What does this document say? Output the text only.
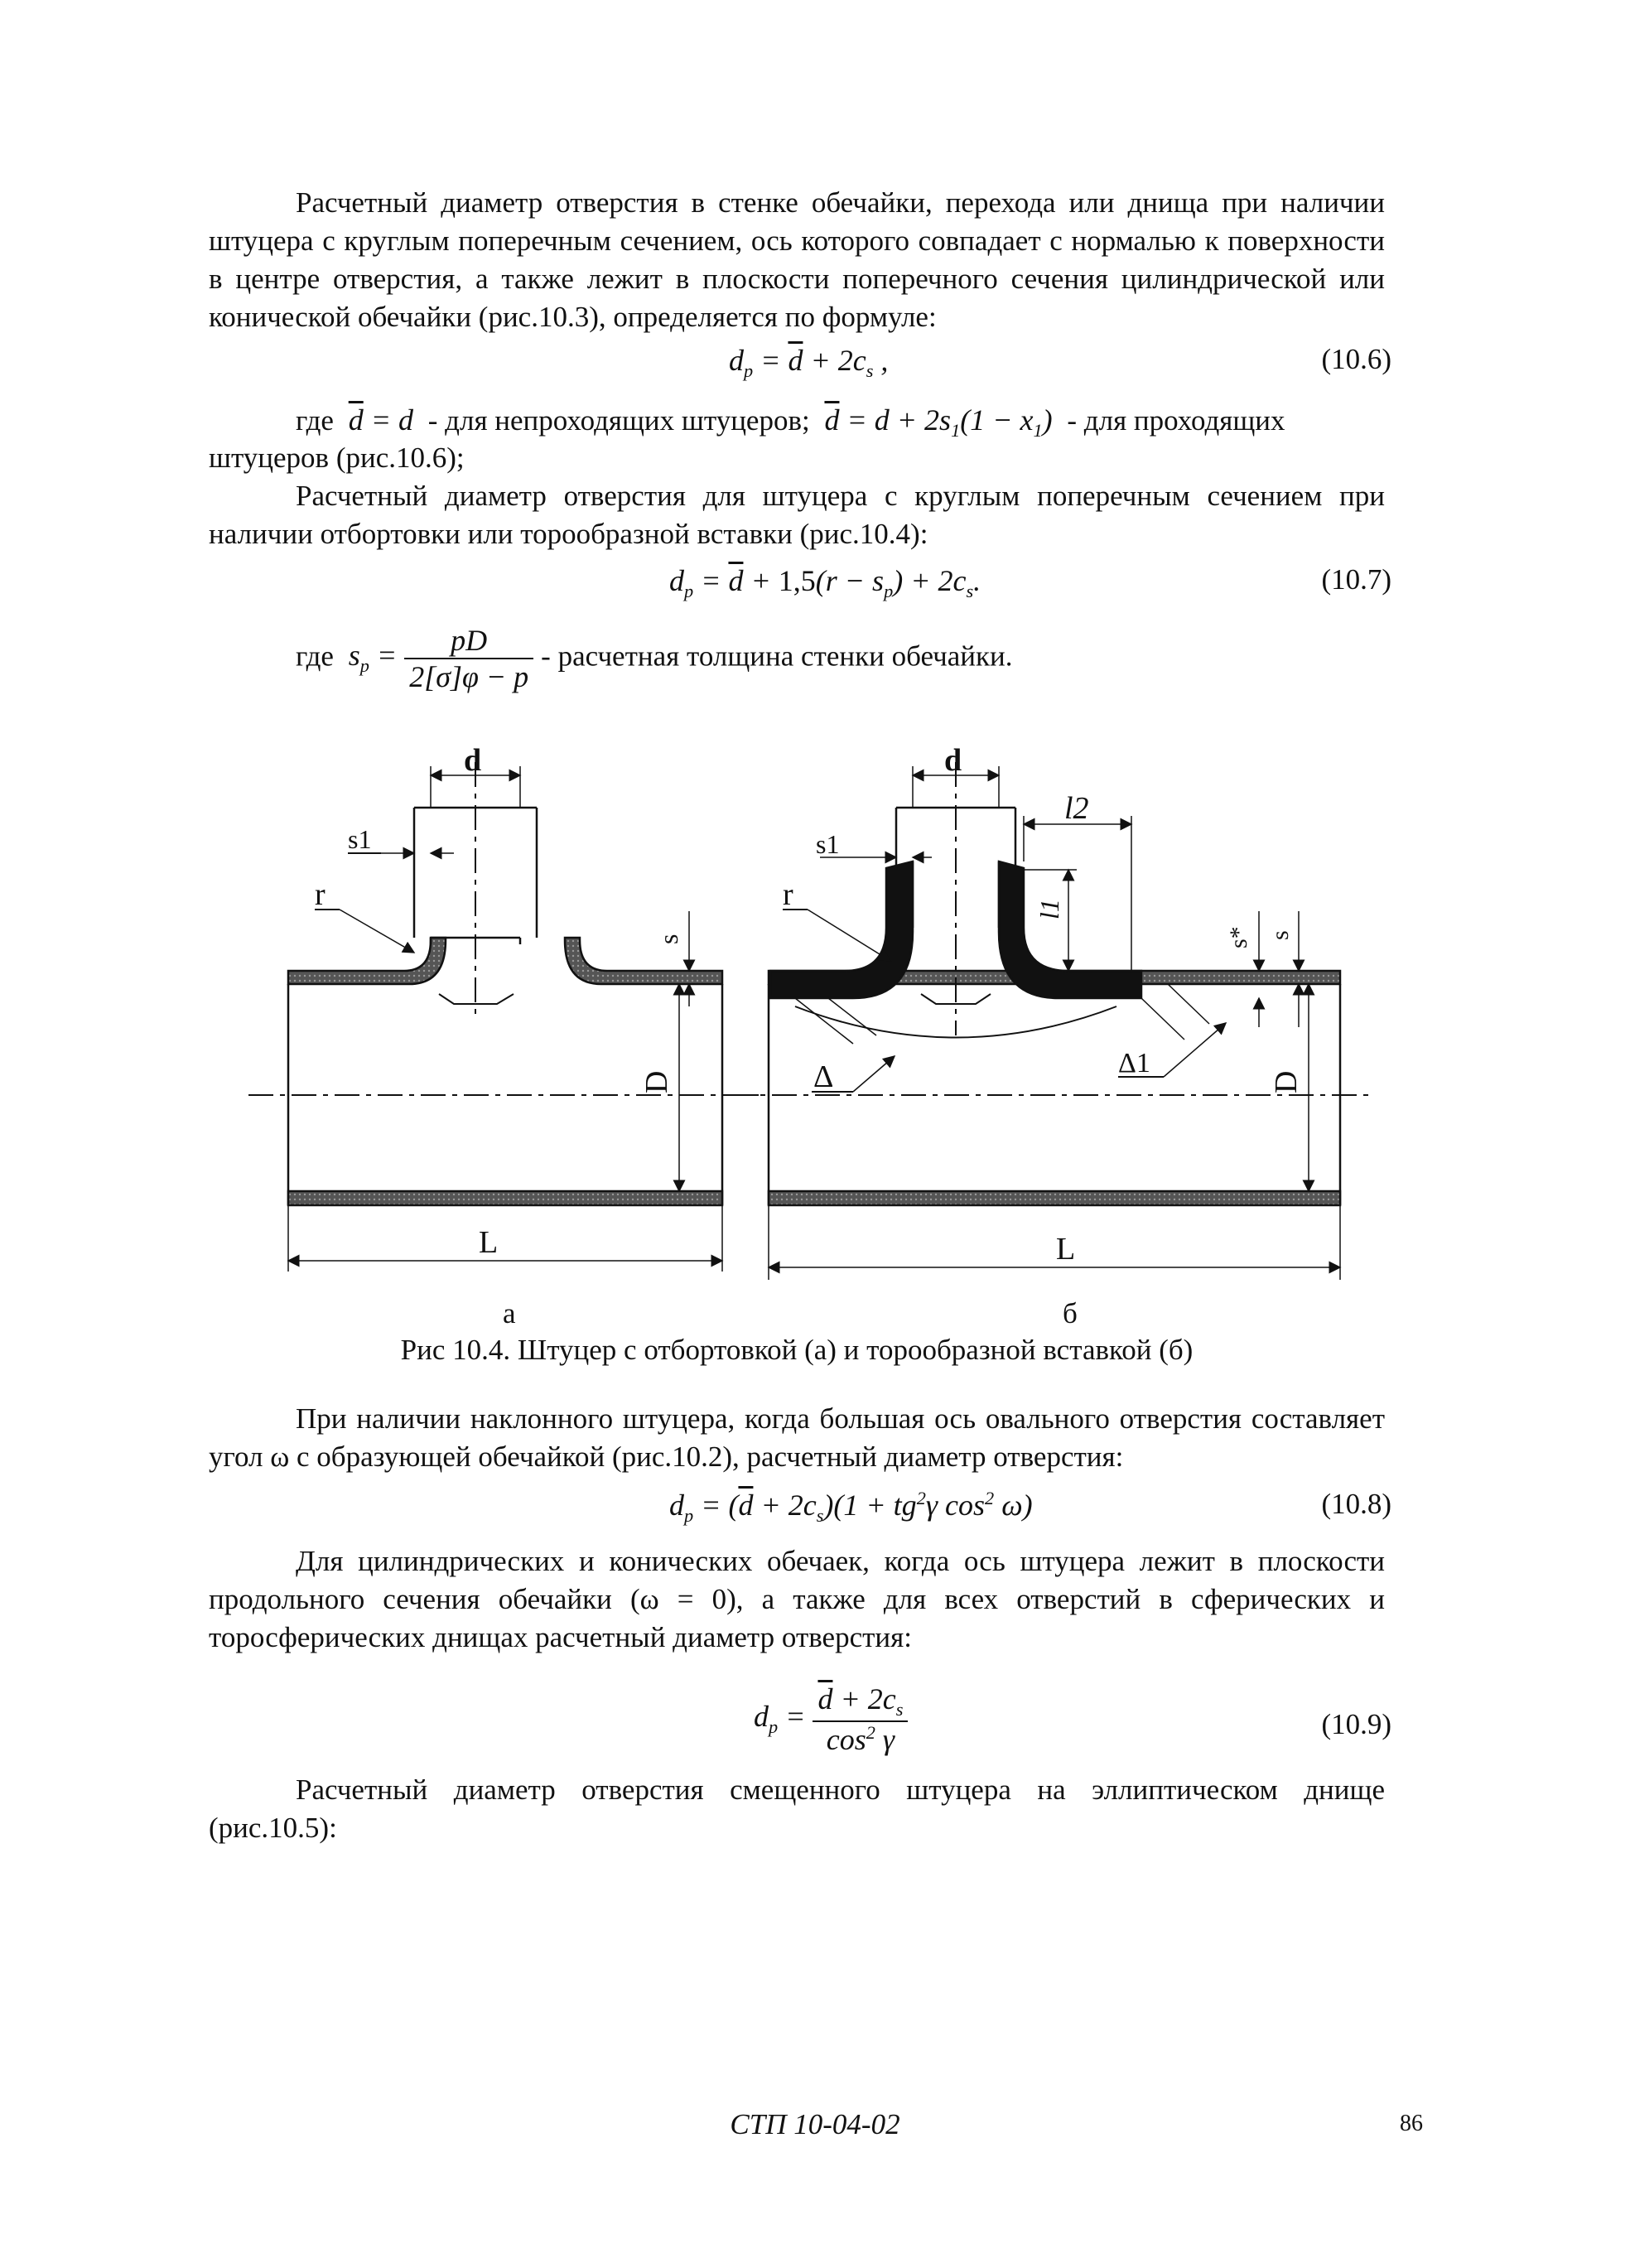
Расчетный диаметр отверстия в стенке обечайки, перехода или днища при наличии штуцера с круглым поперечным сечением, ось которого совпадает с нормалью к поверхности в центре отверстия, а также лежит в плоскости поперечного сечения цилиндрической или конической обечайки (рис.10.3), определяется по формуле:
$d_p = \overline{d} + 2c_s$ ,	(10.6)
где $\overline{d} = d$  - для непроходящих штуцеров; $\overline{d} = d + 2s_1(1 - x_1)$  - для проходящих
штуцеров (рис.10.6);
Расчетный диаметр отверстия для штуцера с круглым поперечным сечением при наличии отбортовки или торообразной вставки (рис.10.4):
$d_p = \overline{d} + 1,5(r - s_p) + 2c_s$.	(10.7)
где  $s_p = \frac{pD}{2[\sigma]\varphi - p}$ - расчетная толщина стенки обечайки.
d
s1
r
s
D
L
d
s1
r
l2
l1
s* s
D
Δ	Δ1
L
а	б
Рис 10.4. Штуцер с отбортовкой (а) и торообразной вставкой (б)
При наличии наклонного штуцера, когда большая ось овального отверстия составляет угол ω с образующей обечайкой (рис.10.2), расчетный диаметр отверстия:
$d_p = (\overline{d} + 2c_s)(1 + tg^2\gamma$ $\cos^2 \omega$)	(10.8)
Для цилиндрических и конических обечаек, когда ось штуцера лежит в плоскости продольного сечения обечайки (ω = 0), а также для всех отверстий в сферических и торосферических днищах расчетный диаметр отверстия:
$d_p = \frac{\overline{d} + 2c_s}{\cos^2 \gamma}$	(10.9)
Расчетный диаметр отверстия смещенного штуцера на эллиптическом днище (рис.10.5):
СТП 10-04-02	86
